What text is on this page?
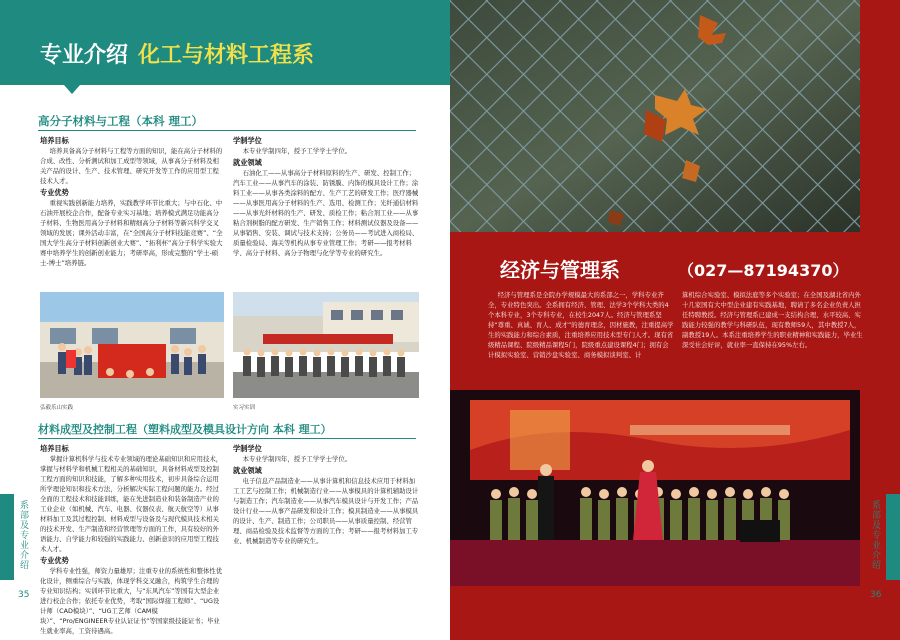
专业介绍 化工与材料工程系
高分子材料与工程（本科 理工）
培养目标

培养具备高分子材料与工程等方面的知识，能在高分子材料的合成、改性、分析测试和加工成型等领域，从事高分子材料及相关产品的设计、生产、技术管理、研究开发等工作的应用型工程技术人才。

专业优势

重视实践创新能力培养，实践教学环节比重大；与中石化、中石油开展校企合作，配备专业实习基地；培养模式满足功能高分子材料、生物医用高分子材料和精细高分子材料等新兴科学交叉领域的发展；课外活动丰富，在“全国高分子材料技能竞赛”、“全国大学生高分子材料创新创业大赛”、“拓利杯”高分子科学实验大赛中培养学生的创新创业能力；考研率高，形成完整的“学士-硕士-博士”培养链。

学制学位

本专业学制四年，授予工学学士学位。

就业领域

石油化工——从事高分子材料原料的生产、研发、控制工作；汽车工业——从事汽车的涂装、防锈膜、内饰的模具设计工作；涂料工业——从事各类涂料的配方、生产工艺的研发工作；医疗器械——从事医用高分子材料的生产、选用、检测工作；光纤通信材料——从事光纤材料的生产、研发、质检工作；粘合剂工业——从事粘合剂树脂的配方研发、生产销售工作；材料测试仪器及设备——从事销售、安装、调试与技术支持；公务员——考试进入商检局、质量检验局、海关等机构从事专业管理工作；考研——报考材料学、高分子材料、高分子物理与化学等专业的研究生。

弘毅乐山实践	实习实训
材料成型及控制工程（塑料成型及模具设计方向 本科 理工）
培养目标

掌握计算机科学与技术专业领域的理论基础知识和应用技术，掌握与材料学和机械工程相关的基础知识，具备材料成型及控制工程方面的知识和技能，了解多种实用技术，初步具备综合运用所学理论知识和技术方法，分析解决实际工程问题的能力。经过全面的工程技术和技能训练，能在先进制造业和装备制造产业的工业企业（如机械、汽车、电器、仪器仪表、航天航空等）从事材料加工及其过程控制、材料成型与设备及与现代模具技术相关的技术开发、生产制造和经营管理等方面的工作，具有较好的外语能力、自学能力和较强的实践能力、创新意识的应用型工程技术人才。

专业优势

学科专业性强，师资力量雄厚；注重专业的系统性和整体性优化设计，侧重综合与实践，体现学科交叉融合，构筑学生合理的专业知识结构；实训环节比重大，与“东风汽车”等国有大型企业进行校企合作；依托专业优势，考取“国际焊接工程师”、“UG设计师（CAD模块）”、“UG工艺师（CAM模块）”、“Pro/ENGINEER专业认证证书”等国家级技能证书；毕业生就业率高，工资待遇高。

学制学位

本专业学制四年，授予工学学士学位。

就业领域

电子信息产品制造业——从事计算机和信息技术应用于材料加工工艺与控制工作；机械制造行业——从事模具的计算机辅助设计与制造工作；汽车制造业——从事汽车模具设计与开发工作；产品设计行业——从事产品研发和设计工作；模具制造业——从事模具的设计、生产、制造工作；公司职员——从事质量控制、经营管理、商品检验及技术监督等方面的工作；考研——报考材料加工专业、机械制造等专业的研究生。

系部及专业介绍
35
经济与管理系	（027—87194370）

经济与管理系是全院办学规模最大的系部之一，学科专业齐全，专业特色突出。全系拥有经济、管理、法学3个学科大类的4个本科专业，3个专科专业，在校生2047人。经济与管理系坚持“尊重、真诚、育人、成才”的德育理念，因材施教，注重提高学生的实践能力和综合素质，注重培养应用技术型专门人才。现有省级精品课程、院级精品课程5门，院级重点建设课程4门；拥有会计模拟实验室、营销沙盘实验室、商务模拟谈判室、计

算机综合实验室、模拟法庭等多个实验室；在全国及湖北省内外十几家国有大中型企业建有实践基地，聘请了多名企业负责人担任特聘教授。经济与管理系已建成一支结构合理、水平较高、实践能力较强的教学与科研队伍，现有教师59人，其中教授7人，副教授19人。本系注重培养学生的职业精神和实践能力，毕业生深受社会好评，就业率一直保持在95%左右。

系部及专业介绍
36
